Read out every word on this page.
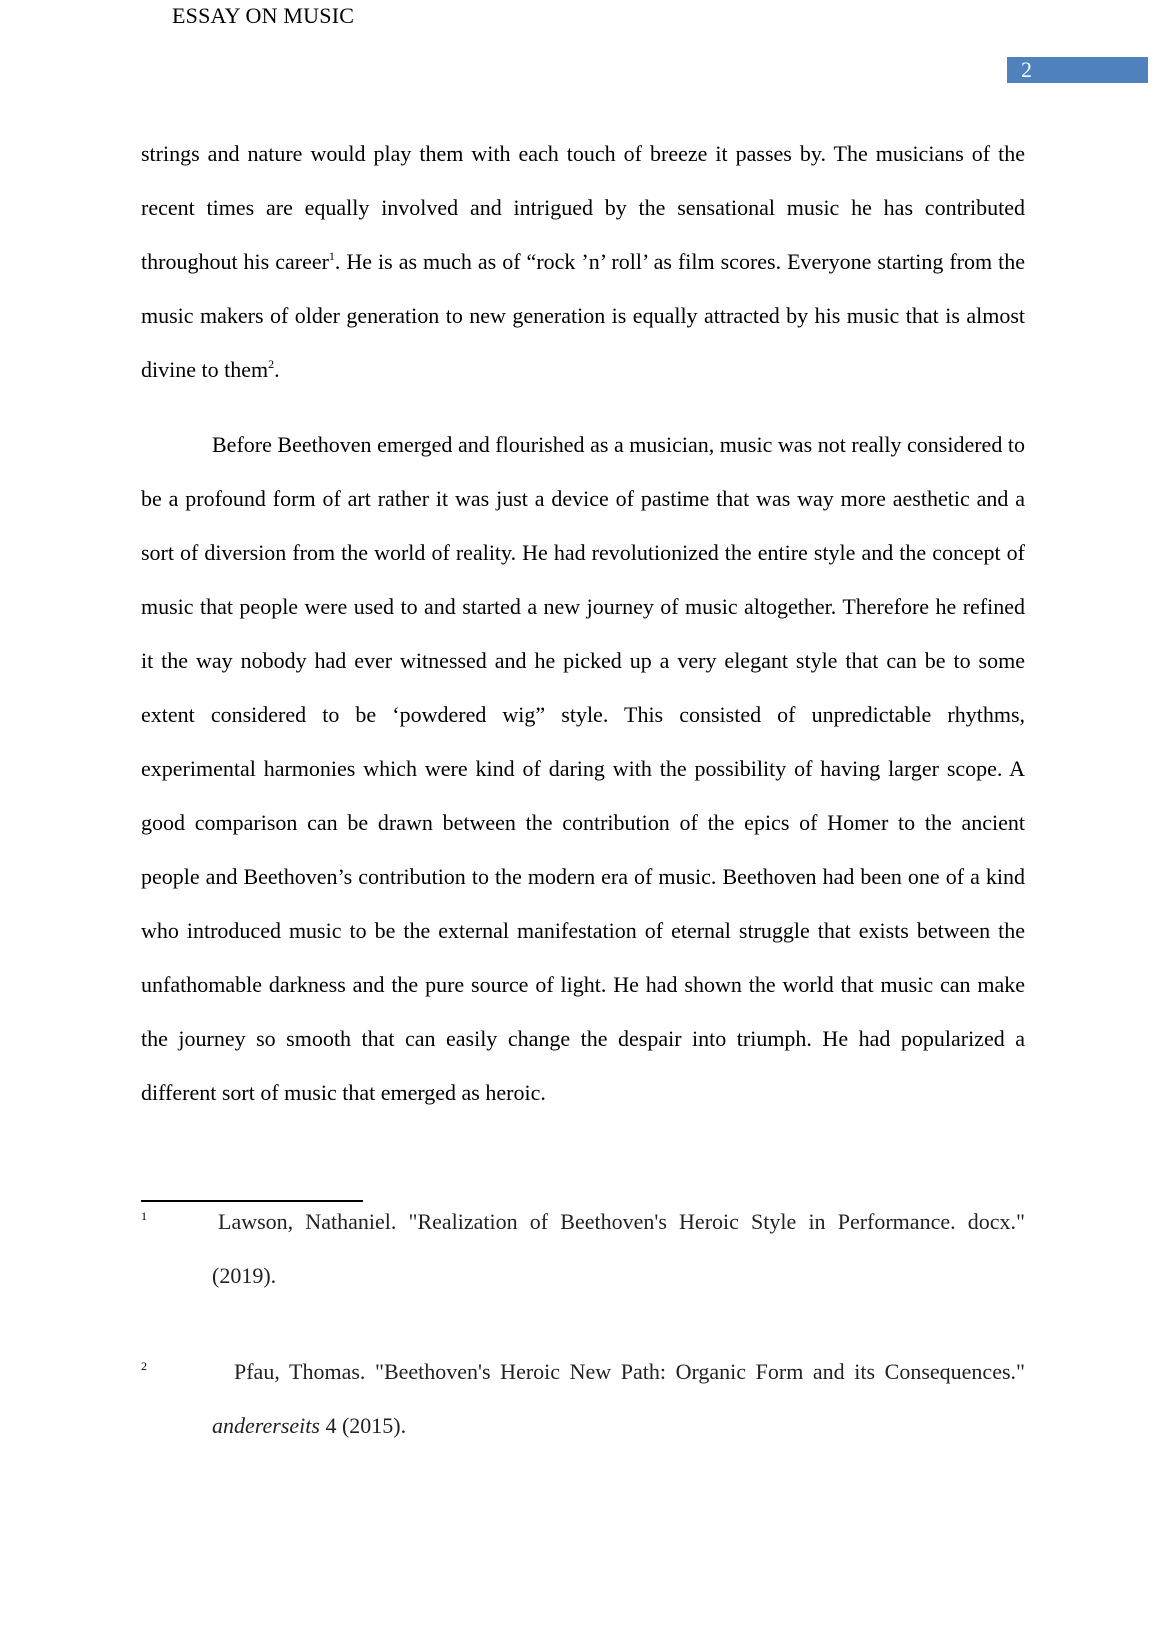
ESSAY ON MUSIC
2

strings and nature would play them with each touch of breeze it passes by. The musicians of the recent times are equally involved and intrigued by the sensational music he has contributed throughout his career$^1$. He is as much as of “rock ’n’ roll’ as film scores. Everyone starting from the music makers of older generation to new generation is equally attracted by his music that is almost divine to them$^2$.

Before Beethoven emerged and flourished as a musician, music was not really considered to be a profound form of art rather it was just a device of pastime that was way more aesthetic and a sort of diversion from the world of reality. He had revolutionized the entire style and the concept of music that people were used to and started a new journey of music altogether. Therefore he refined it the way nobody had ever witnessed and he picked up a very elegant style that can be to some extent considered to be ‘powdered wig” style. This consisted of unpredictable rhythms, experimental harmonies which were kind of daring with the possibility of having larger scope. A good comparison can be drawn between the contribution of the epics of Homer to the ancient people and Beethoven’s contribution to the modern era of music. Beethoven had been one of a kind who introduced music to be the external manifestation of eternal struggle that exists between the unfathomable darkness and the pure source of light. He had shown the world that music can make the journey so smooth that can easily change the despair into triumph. He had popularized a different sort of music that emerged as heroic.

1	Lawson, Nathaniel. "Realization of Beethoven's Heroic Style in Performance. docx." (2019).

2	Pfau, Thomas. "Beethoven's Heroic New Path: Organic Form and its Consequences." andererseits 4 (2015).
